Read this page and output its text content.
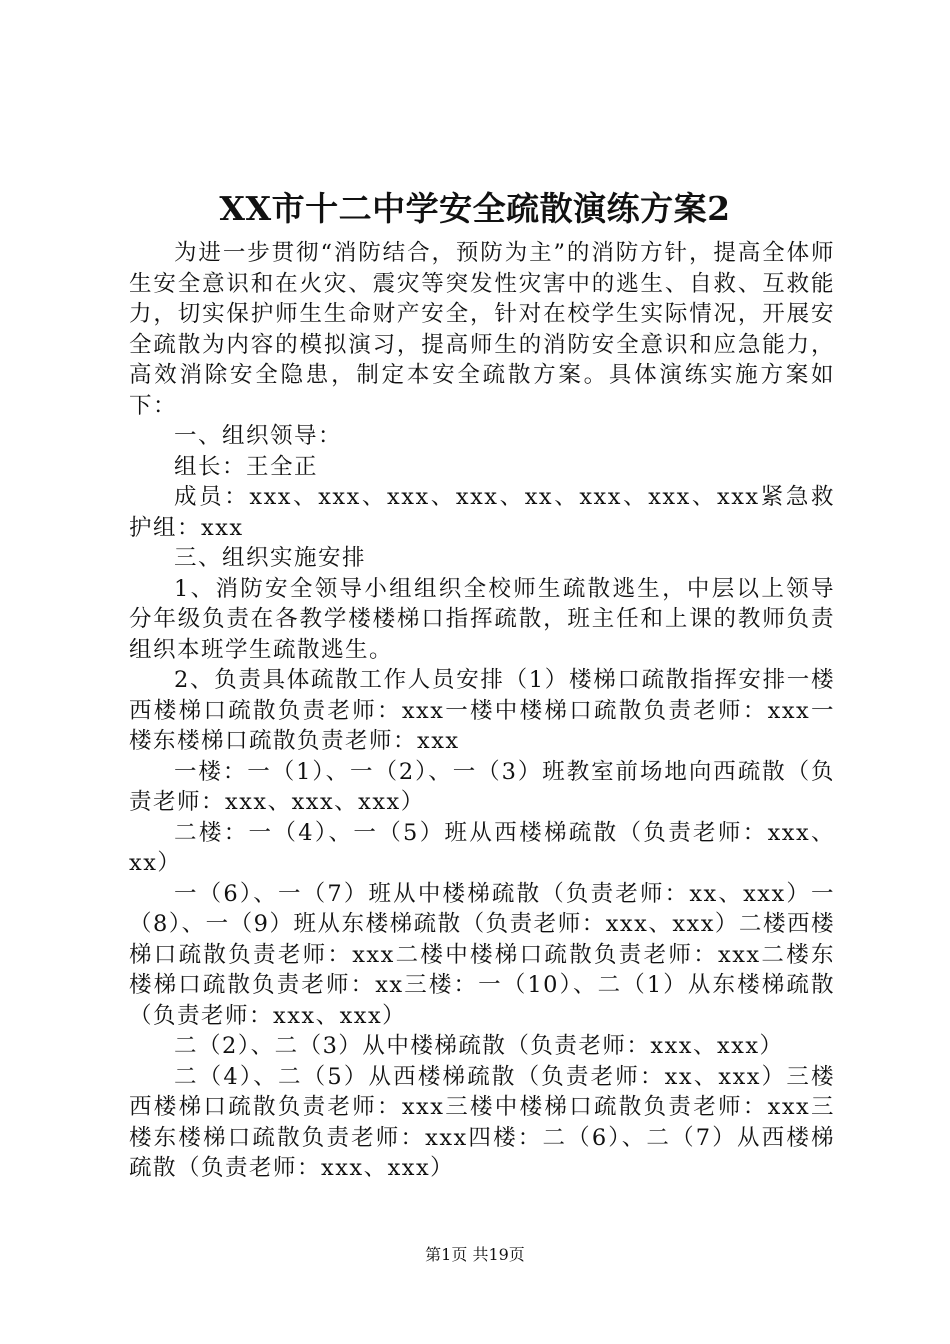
XX市十二中学安全疏散演练方案2

为进一步贯彻“消防结合，预防为主”的消防方针，提高全体师生安全意识和在火灾、震灾等突发性灾害中的逃生、自救、互救能力，切实保护师生生命财产安全，针对在校学生实际情况，开展安全疏散为内容的模拟演习，提高师生的消防安全意识和应急能力，高效消除安全隐患，制定本安全疏散方案。具体演练实施方案如下：

一、组织领导：

组长：王全正

成员：xxx、xxx、xxx、xxx、xx、xxx、xxx、xxx紧急救护组：xxx

三、组织实施安排

1、消防安全领导小组组织全校师生疏散逃生，中层以上领导分年级负责在各教学楼楼梯口指挥疏散，班主任和上课的教师负责组织本班学生疏散逃生。

2、负责具体疏散工作人员安排（1）楼梯口疏散指挥安排一楼西楼梯口疏散负责老师：xxx一楼中楼梯口疏散负责老师：xxx一楼东楼梯口疏散负责老师：xxx

一楼：一（1）、一（2）、一（3）班教室前场地向西疏散（负责老师：xxx、xxx、xxx）

二楼：一（4）、一（5）班从西楼梯疏散（负责老师：xxx、xx）

一（6）、一（7）班从中楼梯疏散（负责老师：xx、xxx）一（8）、一（9）班从东楼梯疏散（负责老师：xxx、xxx）二楼西楼梯口疏散负责老师：xxx二楼中楼梯口疏散负责老师：xxx二楼东楼梯口疏散负责老师：xx三楼：一（10）、二（1）从东楼梯疏散（负责老师：xxx、xxx）

二（2）、二（3）从中楼梯疏散（负责老师：xxx、xxx）

二（4）、二（5）从西楼梯疏散（负责老师：xx、xxx）三楼西楼梯口疏散负责老师：xxx三楼中楼梯口疏散负责老师：xxx三楼东楼梯口疏散负责老师：xxx四楼：二（6）、二（7）从西楼梯疏散（负责老师：xxx、xxx）

第1页 共19页
